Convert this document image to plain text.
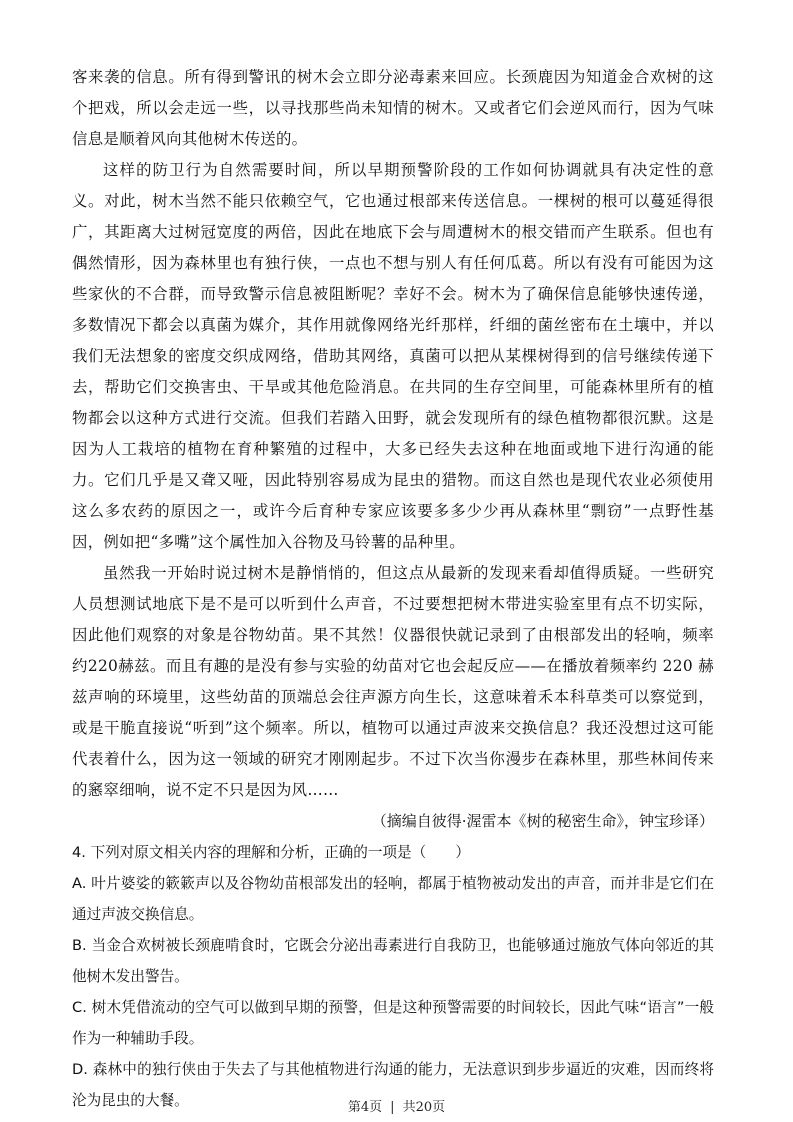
客来袭的信息。所有得到警讯的树木会立即分泌毒素来回应。长颈鹿因为知道金合欢树的这个把戏，所以会走远一些，以寻找那些尚未知情的树木。又或者它们会逆风而行，因为气味信息是顺着风向其他树木传送的。

这样的防卫行为自然需要时间，所以早期预警阶段的工作如何协调就具有决定性的意义。对此，树木当然不能只依赖空气，它也通过根部来传送信息。一棵树的根可以蔓延得很广，其距离大过树冠宽度的两倍，因此在地底下会与周遭树木的根交错而产生联系。但也有偶然情形，因为森林里也有独行侠，一点也不想与别人有任何瓜葛。所以有没有可能因为这些家伙的不合群，而导致警示信息被阻断呢？幸好不会。树木为了确保信息能够快速传递，多数情况下都会以真菌为媒介，其作用就像网络光纤那样，纤细的菌丝密布在土壤中，并以我们无法想象的密度交织成网络，借助其网络，真菌可以把从某棵树得到的信号继续传递下去，帮助它们交换害虫、干旱或其他危险消息。在共同的生存空间里，可能森林里所有的植物都会以这种方式进行交流。但我们若踏入田野，就会发现所有的绿色植物都很沉默。这是因为人工栽培的植物在育种繁殖的过程中，大多已经失去这种在地面或地下进行沟通的能力。它们几乎是又聋又哑，因此特别容易成为昆虫的猎物。而这自然也是现代农业必须使用这么多农药的原因之一，或许今后育种专家应该要多多少少再从森林里“剽窃”一点野性基因，例如把“多嘴”这个属性加入谷物及马铃薯的品种里。

虽然我一开始时说过树木是静悄悄的，但这点从最新的发现来看却值得质疑。一些研究人员想测试地底下是不是可以听到什么声音，不过要想把树木带进实验室里有点不切实际，因此他们观察的对象是谷物幼苗。果不其然！仪器很快就记录到了由根部发出的轻响，频率约220赫兹。而且有趣的是没有参与实验的幼苗对它也会起反应——在播放着频率约 220 赫兹声响的环境里，这些幼苗的顶端总会往声源方向生长，这意味着禾本科草类可以察觉到，或是干脆直接说“听到”这个频率。所以，植物可以通过声波来交换信息？我还没想过这可能代表着什么，因为这一领域的研究才刚刚起步。不过下次当你漫步在森林里，那些林间传来的窸窣细响，说不定不只是因为风……

（摘编自彼得·渥雷本《树的秘密生命》，钟宝珍译）

4. 下列对原文相关内容的理解和分析，正确的一项是（　　）

A. 叶片婆娑的簌簌声以及谷物幼苗根部发出的轻响，都属于植物被动发出的声音，而并非是它们在通过声波交换信息。

B. 当金合欢树被长颈鹿啃食时，它既会分泌出毒素进行自我防卫，也能够通过施放气体向邻近的其他树木发出警告。

C. 树木凭借流动的空气可以做到早期的预警，但是这种预警需要的时间较长，因此气味“语言”一般作为一种辅助手段。

D. 森林中的独行侠由于失去了与其他植物进行沟通的能力，无法意识到步步逼近的灾难，因而终将沦为昆虫的大餐。	第4页 | 共20页
